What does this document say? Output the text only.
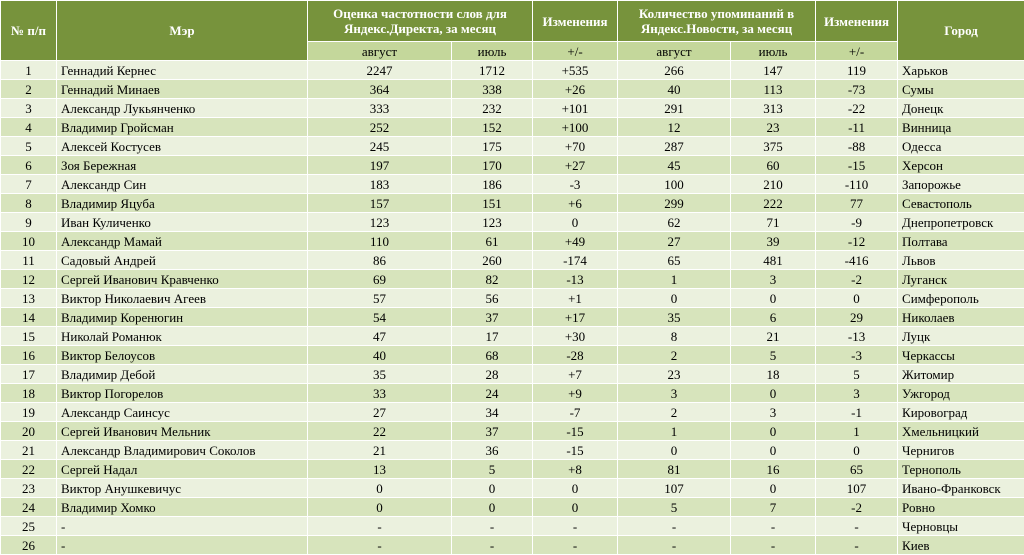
№ п/п	Мэр	Оценка частотности слов для Яндекс.Директа, за месяц		Изменения	Количество упоминаний в Яндекс.Новости, за месяц		Изменения	Город
		август	июль	+/-	август	июль	+/-	
1	Геннадий Кернес	2247	1712	+535	266	147	119	Харьков
2	Геннадий Минаев	364	338	+26	40	113	-73	Сумы
3	Александр Лукьянченко	333	232	+101	291	313	-22	Донецк
4	Владимир Гройсман	252	152	+100	12	23	-11	Винница
5	Алексей Костусев	245	175	+70	287	375	-88	Одесса
6	Зоя Бережная	197	170	+27	45	60	-15	Херсон
7	Александр Син	183	186	-3	100	210	-110	Запорожье
8	Владимир Яцуба	157	151	+6	299	222	77	Севастополь
9	Иван Куличенко	123	123	0	62	71	-9	Днепропетровск
10	Александр Мамай	110	61	+49	27	39	-12	Полтава
11	Садовый Андрей	86	260	-174	65	481	-416	Львов
12	Сергей Иванович Кравченко	69	82	-13	1	3	-2	Луганск
13	Виктор Николаевич Агеев	57	56	+1	0	0	0	Симферополь
14	Владимир Коренюгин	54	37	+17	35	6	29	Николаев
15	Николай Романюк	47	17	+30	8	21	-13	Луцк
16	Виктор Белоусов	40	68	-28	2	5	-3	Черкассы
17	Владимир Дебой	35	28	+7	23	18	5	Житомир
18	Виктор Погорелов	33	24	+9	3	0	3	Ужгород
19	Александр Саинсус	27	34	-7	2	3	-1	Кировоград
20	Сергей Иванович Мельник	22	37	-15	1	0	1	Хмельницкий
21	Александр Владимирович Соколов	21	36	-15	0	0	0	Чернигов
22	Сергей Надал	13	5	+8	81	16	65	Тернополь
23	Виктор Анушкевичус	0	0	0	107	0	107	Ивано-Франковск
24	Владимир Хомко	0	0	0	5	7	-2	Ровно
25	-	-	-	-	-	-	-	Черновцы
26	-	-	-	-	-	-	-	Киев
